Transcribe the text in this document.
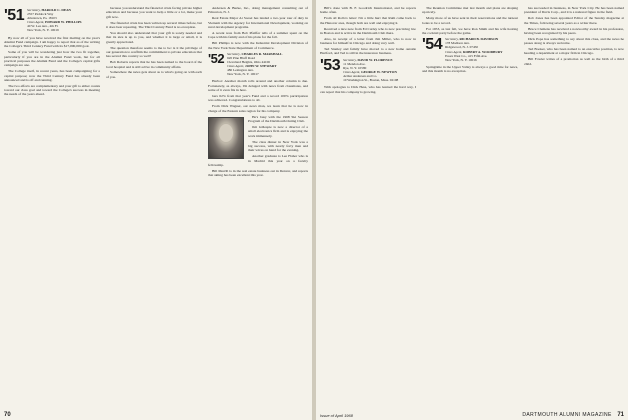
'51 Secretary, HAROLD C. DEAN
2357 Paddock Way
Allentown, Pa. 18103
Class Agent, EDWARD W. PHILLIPS
40 W. Lea Ave., 4th Fl.
New York, N. Y. 10019

By now all of you have received the first mailing on the year's Alumni Fund campaign. I am happy to report that as of the writing the College's Third Century Fund with its $17,000,000 goal.

Some of you will be wondering just how the two fit together, particularly if you are in the Alumni Fund work, but for all practical purposes the Alumni Fund and the College's capital gifts campaign are one.

The College itself, in recent years, has been campaigning for a capital purpose; now the Third Century Fund has already been announced and is off and running.

The two efforts are complementary and your gift to either counts toward our class goal and toward the College's success in meeting the needs of the years ahead.

because you understand the financial crisis facing private higher education and because you want to help a little or a lot, make your gift now.

The financial crisis has been written up several times before, but it does bear repeating. The Third Century Fund is no exception.

You should also understand that your gift is sorely needed and that its size is up to you, and whether it is large or small, it is greatly appreciated.

The question therefore seems to me to be: is it the privilege of our generation to reaffirm the commitment to private education that has served this country so well?

Bob Roberts reports that he has been named to the board of the local hospital and is still active in community affairs.

Somewhere the news gets about as to what's going on with each of you.

Andersen & Burke, Inc., doing management consulting out of Princeton, N. J.

Real Estate Major At Sweet has landed a two-year tour of duty in Vietnam with the Agency for International Development, working on rural development programs.

A recent note from Bob Pfeiffer tells of a summer spent on the Cape with his family and of his plans for the fall.

Bill Phillips is now with the Industrial Development Division of the New York State Department of Commerce.

'52 Secretary, CHARLES R. MARSHALL
620 Pine Bluff Road
Cleveland Heights, Ohio 44106
Class Agent, JOHN W. STEWART
480 Lexington Ave.
New York, N. Y. 10017

Harbor: Another month rolls around and another column is due. Fortunately, as always, I'm deluged with news from classmates, and some of it even fits in here.

bers 62% from that year's Fund and a record 100% participation was achieved. Congratulations to all.

From Dick Wagner, our news man, we learn that he is now in charge of the Eastern sales region for his company.

He's busy with the 1968 Ski Season Program of the Dartmouth Outing Club.

Jim Gillespie is now a director of a small electronics firm and is enjoying the work immensely.

The class dinner in New York was a big success, with nearly forty men and their wives on hand for the evening.

Another graduate is Lee Fisher who is in Madrid this year on a faculty fellowship.

Bill Merrill is in the real estate business out in Denver, and reports that skiing has been excellent this year.

70

Bill's done with B. F. Goodrich International, and he reports home often.

From all Rollo's letter: I'm a little hurt that Ruth came back to the Hanover area, though both are well and enjoying it.

Received a nice note from Ed Curley who is now practicing law in Boston and is active in the Dartmouth Club there.

Also, in receipt of a letter from Jim Miller, who is now in business for himself in Chicago and doing very well.

Ted Stanley and family have moved to a new home outside Hartford, and Ted is still in the insurance business.

'53 Secretary, DAVID W. FLORENCE
11 Mendon Ave.
Rye, N. Y. 10580
Class Agent, GEORGE W. NEWTON
Arthur Andersen and Co.
10 Washington St., Boston, Mass. 02108

With apologies to Dick Hess, who has learned the hard way, I can report that his company is growing.

The Reunion Committee met last month and plans are shaping up nicely.

Many more of us have sent in their reservations and the turnout looks to be a record.

For 1953, as last fall, we have Ron Smith and his wife hosting the cocktail party before the game.

'54 Secretary, RICHARD B. DAVIDSON
178 Madison Ave.
Ridgewood, N. J. 07450
Class Agent, ROBERT A. WOODBURY
Essex West Co., 415 Fifth Ave.
New York, N. Y. 10016

Springtime in the Upper Valley is always a good time for news, and this month is no exception.

has succeeded in business, in New York City. He has been named president of Davis Corp., and it is a national figure in the field.

Rob Jones has been appointed Editor of the Sunday magazine at the Times, following several years as a writer there.

Bruce Clemens has received a noteworthy award in his profession, having been recognized by his peers.

Dick Pope has something to say about this class, and the news he passes along is always welcome.

Ted Booker, who has been named to an executive position, is now heading a department at a major firm in Chicago.

Bill Fowler writes of a promotion as well as the birth of a third child.

DARTMOUTH ALUMNI MAGAZINE 71
Issue of April 1968
